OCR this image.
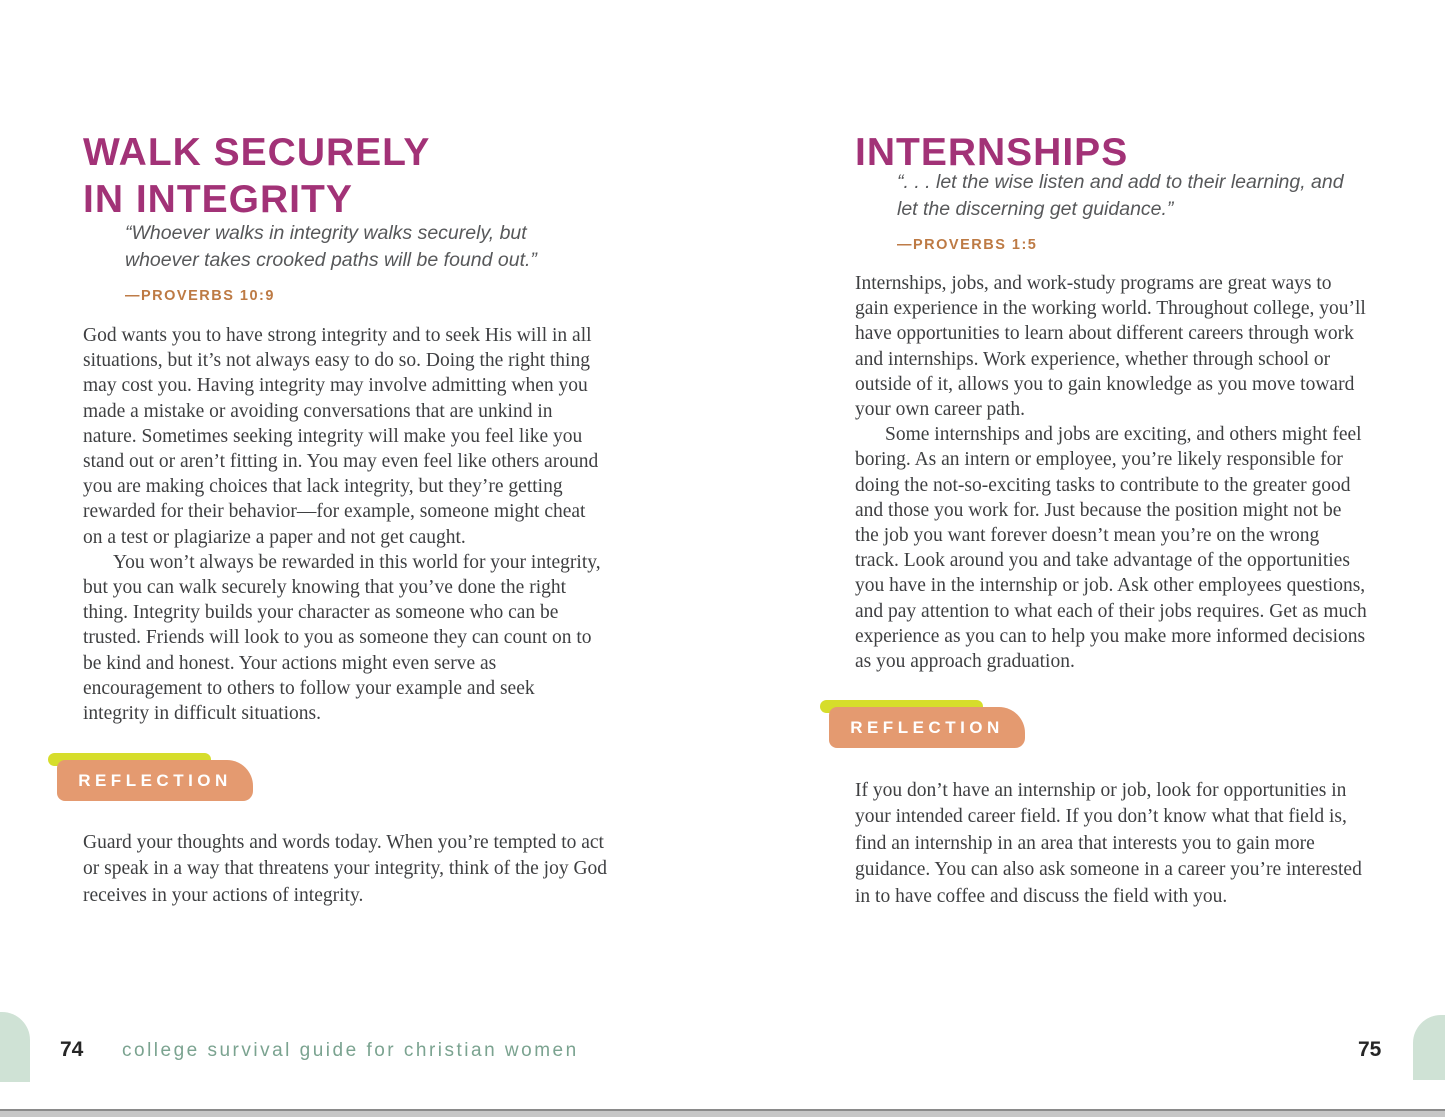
WALK SECURELY
IN INTEGRITY
“Whoever walks in integrity walks securely, but whoever takes crooked paths will be found out.”
—PROVERBS 10:9

God wants you to have strong integrity and to seek His will in all situations, but it’s not always easy to do so. Doing the right thing may cost you. Having integrity may involve admitting when you made a mistake or avoiding conversations that are unkind in nature. Sometimes seeking integrity will make you feel like you stand out or aren’t fitting in. You may even feel like others around you are making choices that lack integrity, but they’re getting rewarded for their behavior—for example, someone might cheat on a test or plagiarize a paper and not get caught.

You won’t always be rewarded in this world for your integrity, but you can walk securely knowing that you’ve done the right thing. Integrity builds your character as someone who can be trusted. Friends will look to you as someone they can count on to be kind and honest. Your actions might even serve as encouragement to others to follow your example and seek integrity in difficult situations.

REFLECTION

Guard your thoughts and words today. When you’re tempted to act or speak in a way that threatens your integrity, think of the joy God receives in your actions of integrity.

INTERNSHIPS
“. . . let the wise listen and add to their learning, and let the discerning get guidance.”
—PROVERBS 1:5

Internships, jobs, and work-study programs are great ways to gain experience in the working world. Throughout college, you’ll have opportunities to learn about different careers through work and internships. Work experience, whether through school or outside of it, allows you to gain knowledge as you move toward your own career path.

Some internships and jobs are exciting, and others might feel boring. As an intern or employee, you’re likely responsible for doing the not-so-exciting tasks to contribute to the greater good and those you work for. Just because the position might not be the job you want forever doesn’t mean you’re on the wrong track. Look around you and take advantage of the opportunities you have in the internship or job. Ask other employees questions, and pay attention to what each of their jobs requires. Get as much experience as you can to help you make more informed decisions as you approach graduation.

REFLECTION

If you don’t have an internship or job, look for opportunities in your intended career field. If you don’t know what that field is, find an internship in an area that interests you to gain more guidance. You can also ask someone in a career you’re interested in to have coffee and discuss the field with you.

74 college survival guide for christian women	75
